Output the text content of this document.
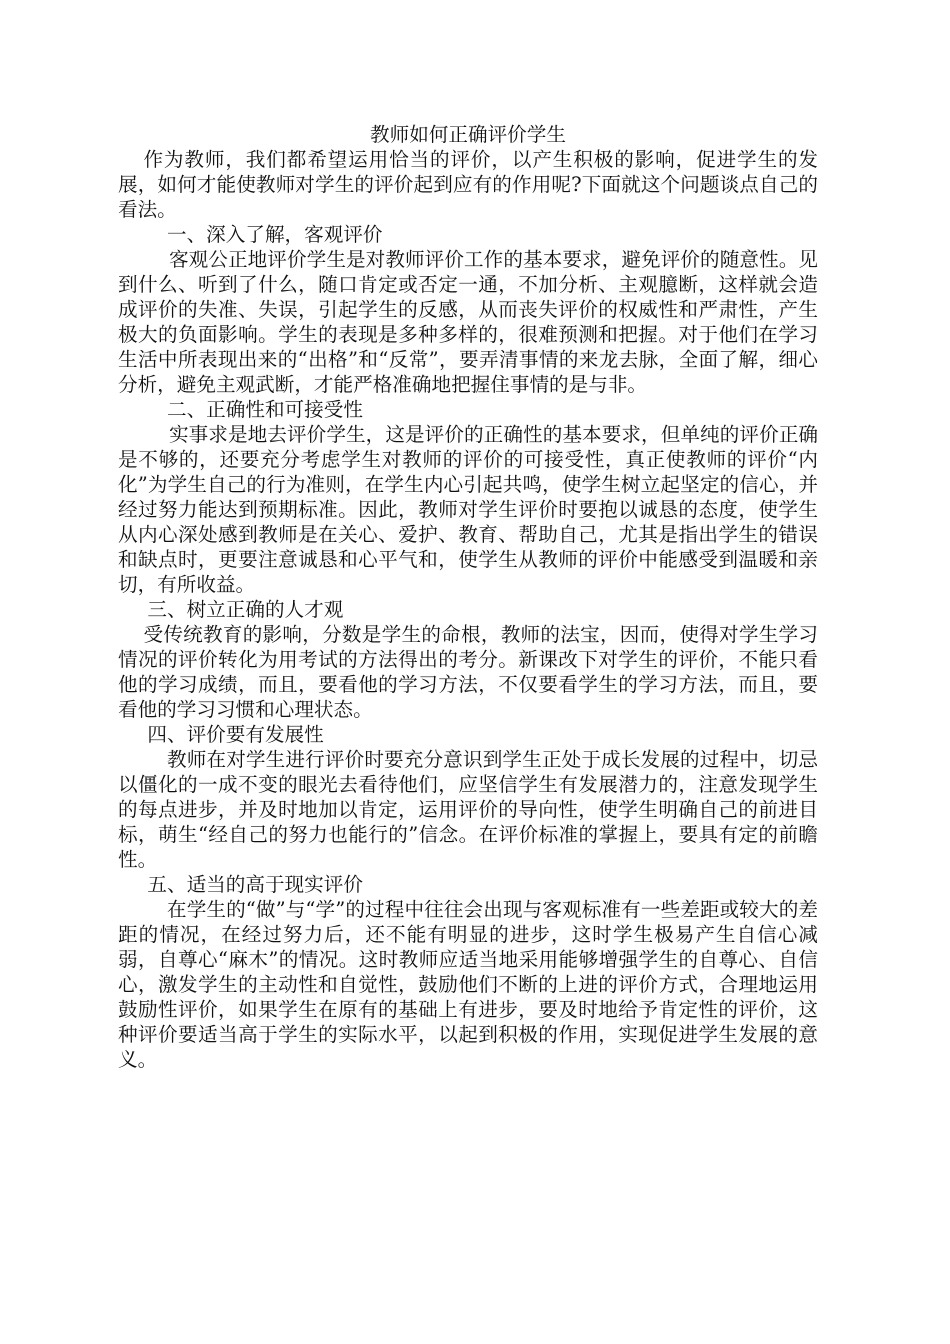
教师如何正确评价学生

作为教师，我们都希望运用恰当的评价，以产生积极的影响，促进学生的发展，如何才能使教师对学生的评价起到应有的作用呢?下面就这个问题谈点自己的看法。

一、深入了解，客观评价

客观公正地评价学生是对教师评价工作的基本要求，避免评价的随意性。见到什么、听到了什么，随口肯定或否定一通，不加分析、主观臆断，这样就会造成评价的失准、失误，引起学生的反感，从而丧失评价的权威性和严肃性，产生极大的负面影响。学生的表现是多种多样的，很难预测和把握。对于他们在学习生活中所表现出来的“出格”和“反常”，要弄清事情的来龙去脉，全面了解，细心分析，避免主观武断，才能严格准确地把握住事情的是与非。

二、正确性和可接受性

实事求是地去评价学生，这是评价的正确性的基本要求，但单纯的评价正确是不够的，还要充分考虑学生对教师的评价的可接受性，真正使教师的评价“内化”为学生自己的行为准则，在学生内心引起共鸣，使学生树立起坚定的信心，并经过努力能达到预期标准。因此，教师对学生评价时要抱以诚恳的态度，使学生从内心深处感到教师是在关心、爱护、教育、帮助自己，尤其是指出学生的错误和缺点时，更要注意诚恳和心平气和，使学生从教师的评价中能感受到温暖和亲切，有所收益。

三、树立正确的人才观

受传统教育的影响，分数是学生的命根，教师的法宝，因而，使得对学生学习情况的评价转化为用考试的方法得出的考分。新课改下对学生的评价，不能只看他的学习成绩，而且，要看他的学习方法，不仅要看学生的学习方法，而且，要看他的学习习惯和心理状态。

四、评价要有发展性

教师在对学生进行评价时要充分意识到学生正处于成长发展的过程中，切忌以僵化的一成不变的眼光去看待他们，应坚信学生有发展潜力的，注意发现学生的每点进步，并及时地加以肯定，运用评价的导向性，使学生明确自己的前进目标，萌生“经自己的努力也能行的”信念。在评价标准的掌握上，要具有定的前瞻性。

五、适当的高于现实评价

在学生的“做”与“学”的过程中往往会出现与客观标准有一些差距或较大的差距的情况，在经过努力后，还不能有明显的进步，这时学生极易产生自信心减弱，自尊心“麻木”的情况。这时教师应适当地采用能够增强学生的自尊心、自信心，激发学生的主动性和自觉性，鼓励他们不断的上进的评价方式，合理地运用鼓励性评价，如果学生在原有的基础上有进步，要及时地给予肯定性的评价，这种评价要适当高于学生的实际水平，以起到积极的作用，实现促进学生发展的意义。
